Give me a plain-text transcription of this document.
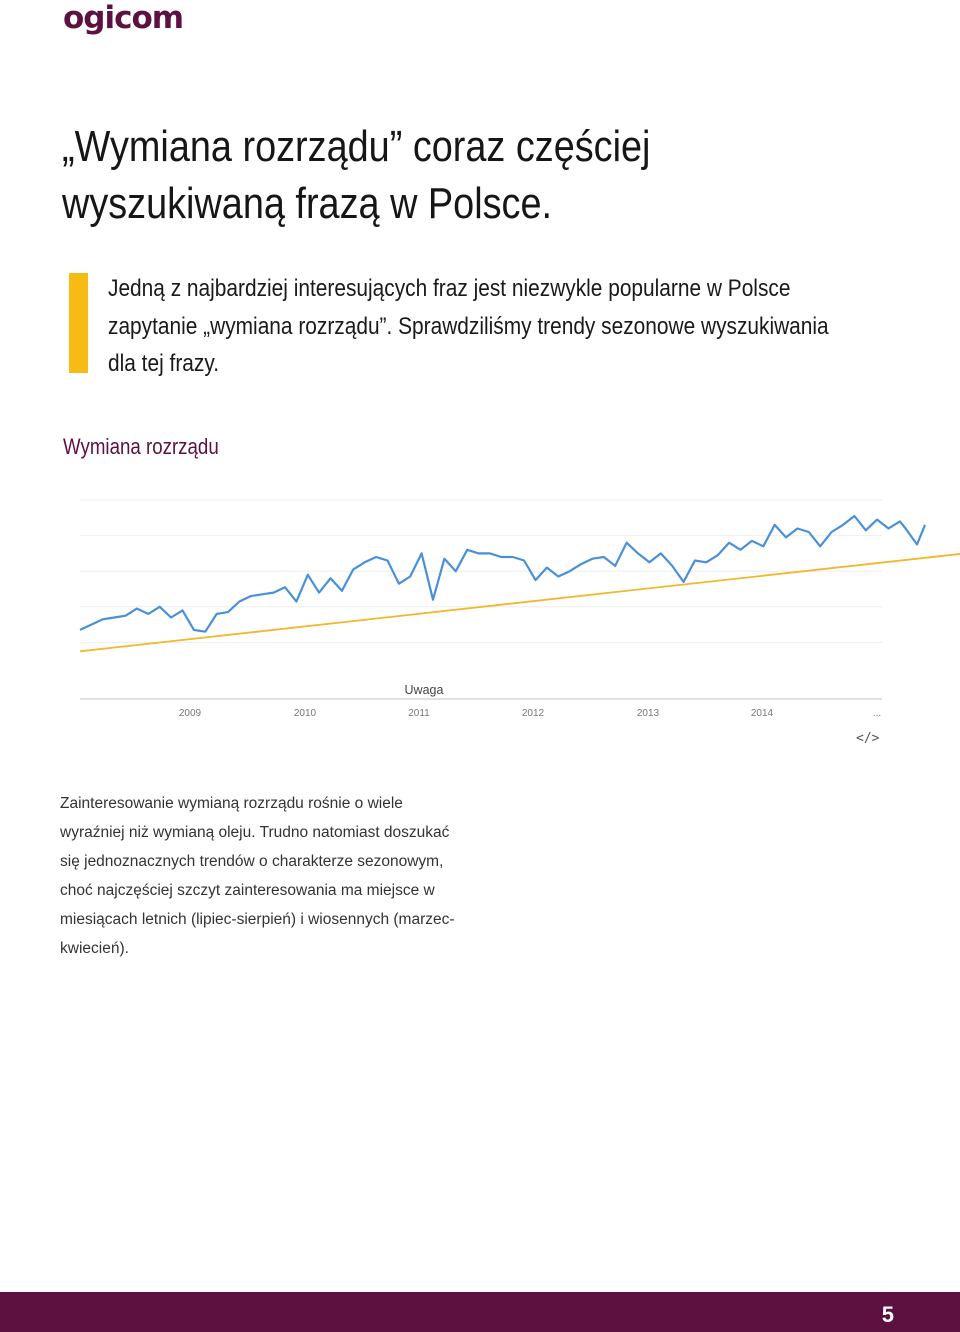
ogicom
„Wymiana rozrządu” coraz częściej wyszukiwaną frazą w Polsce.

Jedną z najbardziej interesujących fraz jest niezwykle popularne w Polsce zapytanie „wymiana rozrządu”. Sprawdziliśmy trendy sezonowe wyszukiwania dla tej frazy.

Wymiana rozrządu
Uwaga
2009	2010	2011	2012	2013	2014	...
</>

Zainteresowanie wymianą rozrządu rośnie o wiele wyraźniej niż wymianą oleju. Trudno natomiast doszukać się jednoznacznych trendów o charakterze sezonowym, choć najczęściej szczyt zainteresowania ma miejsce w miesiącach letnich (lipiec-sierpień) i wiosennych (marzec-kwiecień).

5
